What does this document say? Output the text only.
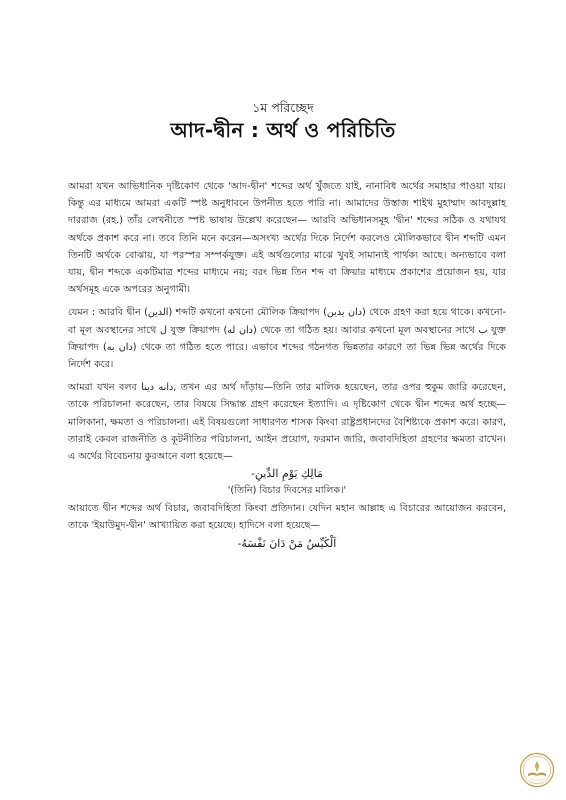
১ম পরিচ্ছেদ
আদ-দ্বীন : অর্থ ও পরিচিতি

আমরা যখন আভিধানিক দৃষ্টিকোণ থেকে 'আদ-দ্বীন' শব্দের অর্থ খুঁজতে যাই, নানাবিধ অর্থের সমাহার পাওয়া যায়। কিন্তু এর মাধ্যমে আমরা একটি স্পষ্ট অনুধাবনে উপনীত হতে পারি না। আমাদের উস্তাজ শাইখ মুহাম্মাদ আবদুল্লাহ দাররাজ (রহ.) তাঁর লেখনীতে স্পষ্ট ভাষায় উল্লেখ করেছেন— আরবি অভিধানসমূহ 'দ্বীন' শব্দের সঠিক ও যথাযথ অর্থকে প্রকাশ করে না। তবে তিনি মনে করেন—অসংখ্য অর্থের দিকে নির্দেশ করলেও মৌলিকভাবে দ্বীন শব্দটি এমন তিনটি অর্থকে বোঝায়, যা পরস্পর সম্পর্কযুক্ত। এই অর্থগুলোর মাঝে খুবই সামান্যই পার্থক্য আছে। অন্যভাবে বলা যায়, দ্বীন শব্দকে একটিমাত্র শব্দের মাধ্যমে নয়; বরং ভিন্ন তিন শব্দ বা ক্রিয়ার মাধ্যমে প্রকাশের প্রয়োজন হয়, যার অর্থসমূহ একে অপরের অনুগামী।

যেমন : আরবি দ্বীন (الدين) শব্দটি কখনো কখনো মৌলিক ক্রিয়াপদ (دان يدين) থেকে গ্রহণ করা হয়ে থাকে। কখনো-বা মূল অবস্থানের সাথে ل যুক্ত ক্রিয়াপদ (دان له) থেকে তা গঠিত হয়। আবার কখনো মূল অবস্থানের সাথে ب যুক্ত ক্রিয়াপদ (دان به) থেকে তা গঠিত হতে পারে। এভাবে শব্দের গঠনগত ভিন্নতার কারণে তা ভিন্ন ভিন্ন অর্থের দিকে নির্দেশ করে।

আমরা যখন বলব دانه دينا, তখন এর অর্থ দাঁড়ায়—তিনি তার মালিক হয়েছেন, তার ওপর হুকুম জারি করেছেন, তাকে পরিচালনা করেছেন, তার বিষয়ে সিদ্ধান্ত গ্রহণ করেছেন ইত্যাদি। এ দৃষ্টিকোণ থেকে দ্বীন শব্দের অর্থ হচ্ছে—মালিকানা, ক্ষমতা ও পরিচালনা। এই বিষয়গুলো সাধারণত শাসক কিংবা রাষ্ট্রপ্রধানদের বৈশিষ্ট্যকে প্রকাশ করে। কারণ, তারাই কেবল রাজনীতি ও কূটনীতির পরিচালনা, আইন প্রয়োগ, ফরমান জারি, জবাবদিহিতা গ্রহণের ক্ষমতা রাখেন। এ অর্থের বিবেচনায় কুরআনে বলা হয়েছে—

مَالِكِ يَوْمِ الدِّينِ-
'(তিনি) বিচার দিবসের মালিক।'

আয়াতে দ্বীন শব্দের অর্থ বিচার, জবাবদিহিতা কিংবা প্রতিদান। যেদিন মহান আল্লাহ এ বিচারের আয়োজন করবেন, তাকে 'ইয়াউমুদ-দ্বীন' আখ্যায়িত করা হয়েছে। হাদিসে বলা হয়েছে—

اَلْكَيِّسُ مَنْ دَانَ نَفْسَهُ-
